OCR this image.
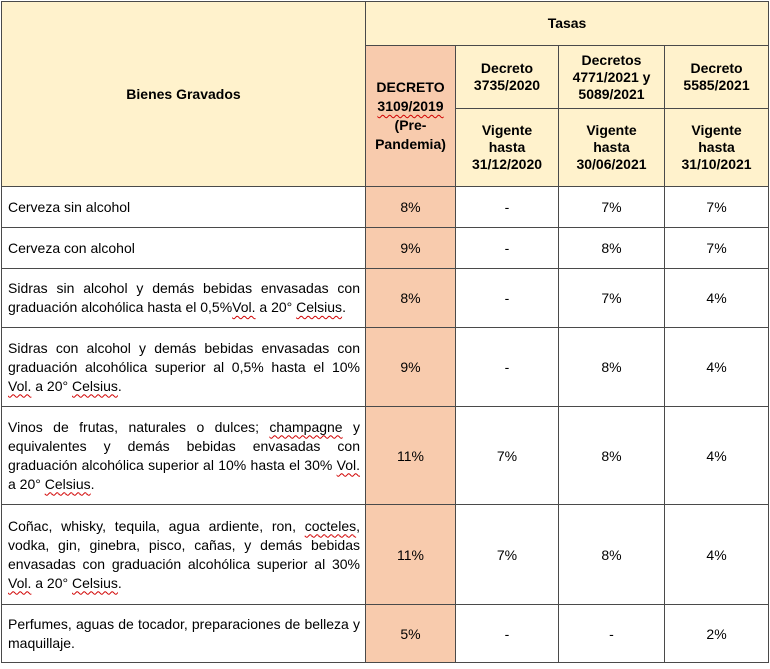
Bienes Gravados	Tasas			
	DECRETO
3109/2019
(Pre-
Pandemia)	Decreto
3735/2020	Decretos
4771/2021 y
5089/2021	Decreto
5585/2021
		Vigente
hasta
31/12/2020	Vigente
hasta
30/06/2021	Vigente
hasta
31/10/2021
Cerveza sin alcohol	8%	-	7%	7%
Cerveza con alcohol	9%	-	8%	7%
Sidras sin alcohol y demás bebidas envasadas con graduación alcohólica hasta el 0,5%Vol. a 20° Celsius.	8%	-	7%	4%
Sidras con alcohol y demás bebidas envasadas con graduación alcohólica superior al 0,5% hasta el 10% Vol. a 20° Celsius.	9%	-	8%	4%
Vinos de frutas, naturales o dulces; champagne y equivalentes y demás bebidas envasadas con graduación alcohólica superior al 10% hasta el 30% Vol. a 20° Celsius.	11%	7%	8%	4%
Coñac, whisky, tequila, agua ardiente, ron, cocteles, vodka, gin, ginebra, pisco, cañas, y demás bebidas envasadas con graduación alcohólica superior al 30% Vol. a 20° Celsius.	11%	7%	8%	4%
Perfumes, aguas de tocador, preparaciones de belleza y maquillaje.	5%	-	-	2%
